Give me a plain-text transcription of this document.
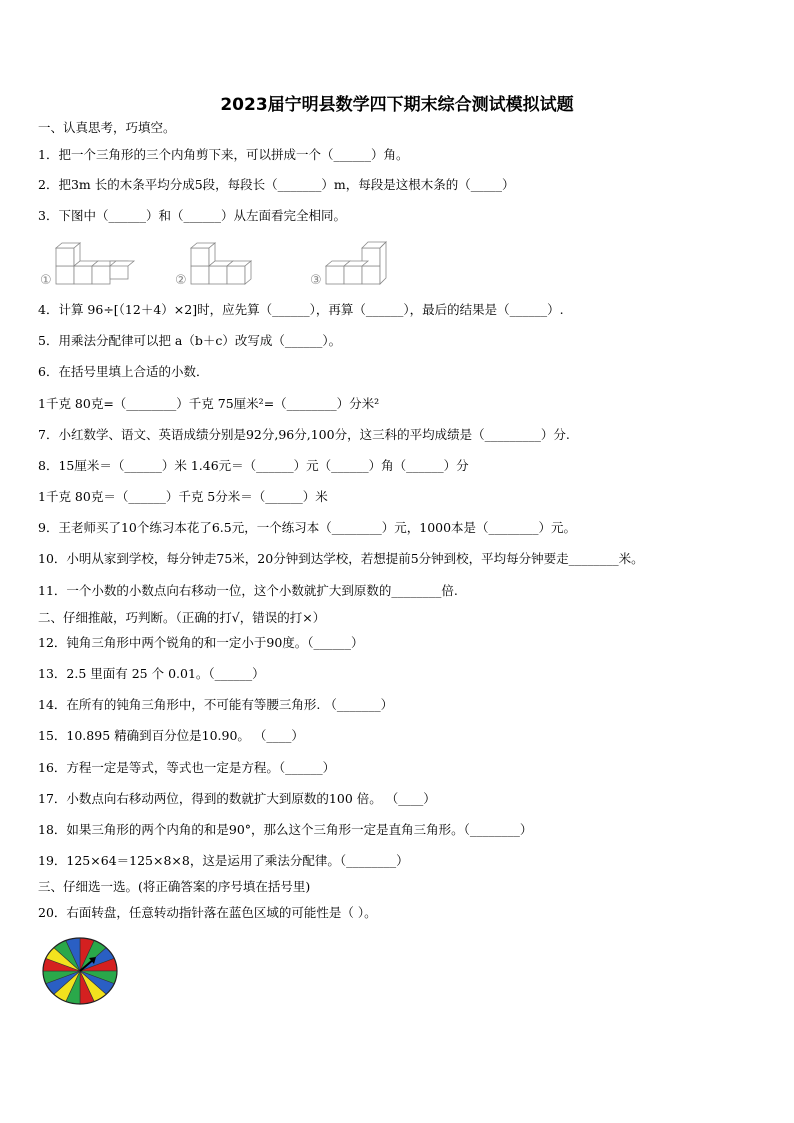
2023届宁明县数学四下期末综合测试模拟试题
一、认真思考，巧填空。
1．把一个三角形的三个内角剪下来，可以拼成一个（______）角。
2．把3m 长的木条平均分成5段，每段长（_______）m，每段是这根木条的（_____）
3．下图中（______）和（______）从左面看完全相同。
①	②	③
4．计算 96÷[（12＋4）×2]时，应先算（______），再算（______），最后的结果是（______）.
5．用乘法分配律可以把 a（b＋c）改写成（______）。
6．在括号里填上合适的小数．
1千克 80克=（________）千克 75厘米²=（________）分米²
7．小红数学、语文、英语成绩分别是92分,96分,100分，这三科的平均成绩是（_________）分.
8．15厘米＝（______）米 1.46元＝（______）元（______）角（______）分
1千克 80克＝（______）千克 5分米＝（______）米
9．王老师买了10个练习本花了6.5元，一个练习本（________）元，1000本是（________）元。
10．小明从家到学校，每分钟走75米，20分钟到达学校，若想提前5分钟到校，平均每分钟要走________米。
11．一个小数的小数点向右移动一位，这个小数就扩大到原数的________倍.
二、仔细推敲，巧判断。（正确的打√，错误的打×）
12．钝角三角形中两个锐角的和一定小于90度。（______）
13．2.5 里面有 25 个 0.01。（______）
14．在所有的钝角三角形中，不可能有等腰三角形. （_______）
15．10.895 精确到百分位是10.90。 （____）
16．方程一定是等式，等式也一定是方程。（______）
17．小数点向右移动两位，得到的数就扩大到原数的100 倍。 （____）
18．如果三角形的两个内角的和是90°，那么这个三角形一定是直角三角形。（________）
19．125×64＝125×8×8，这是运用了乘法分配律。（________）
三、仔细选一选。(将正确答案的序号填在括号里)
20．右面转盘，任意转动指针落在蓝色区域的可能性是（ ）。
